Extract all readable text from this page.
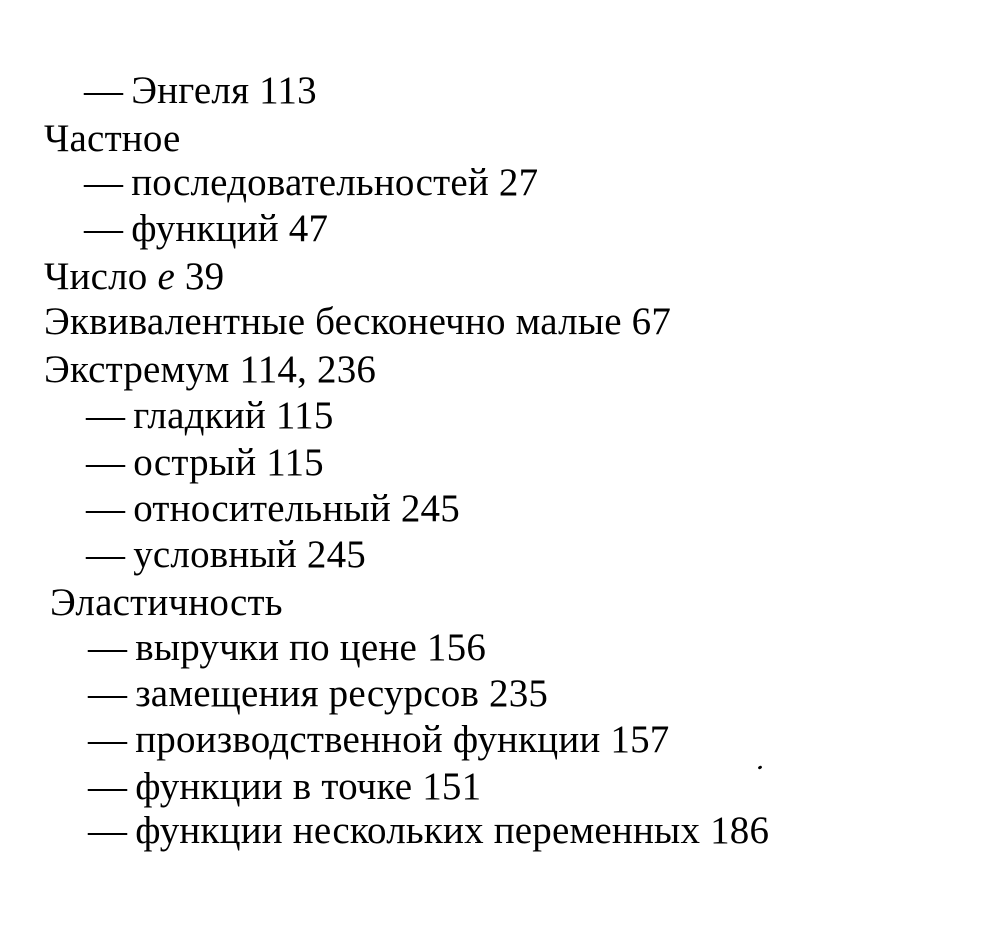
— Энгеля 113
Частное
— последовательностей 27
— функций 47
Число e 39
Эквивалентные бесконечно малые 67
Экстремум 114, 236
— гладкий 115
— острый 115
— относительный 245
— условный 245
Эластичность
— выручки по цене 156
— замещения ресурсов 235
— производственной функции 157
— функции в точке 151
— функции нескольких переменных 186
